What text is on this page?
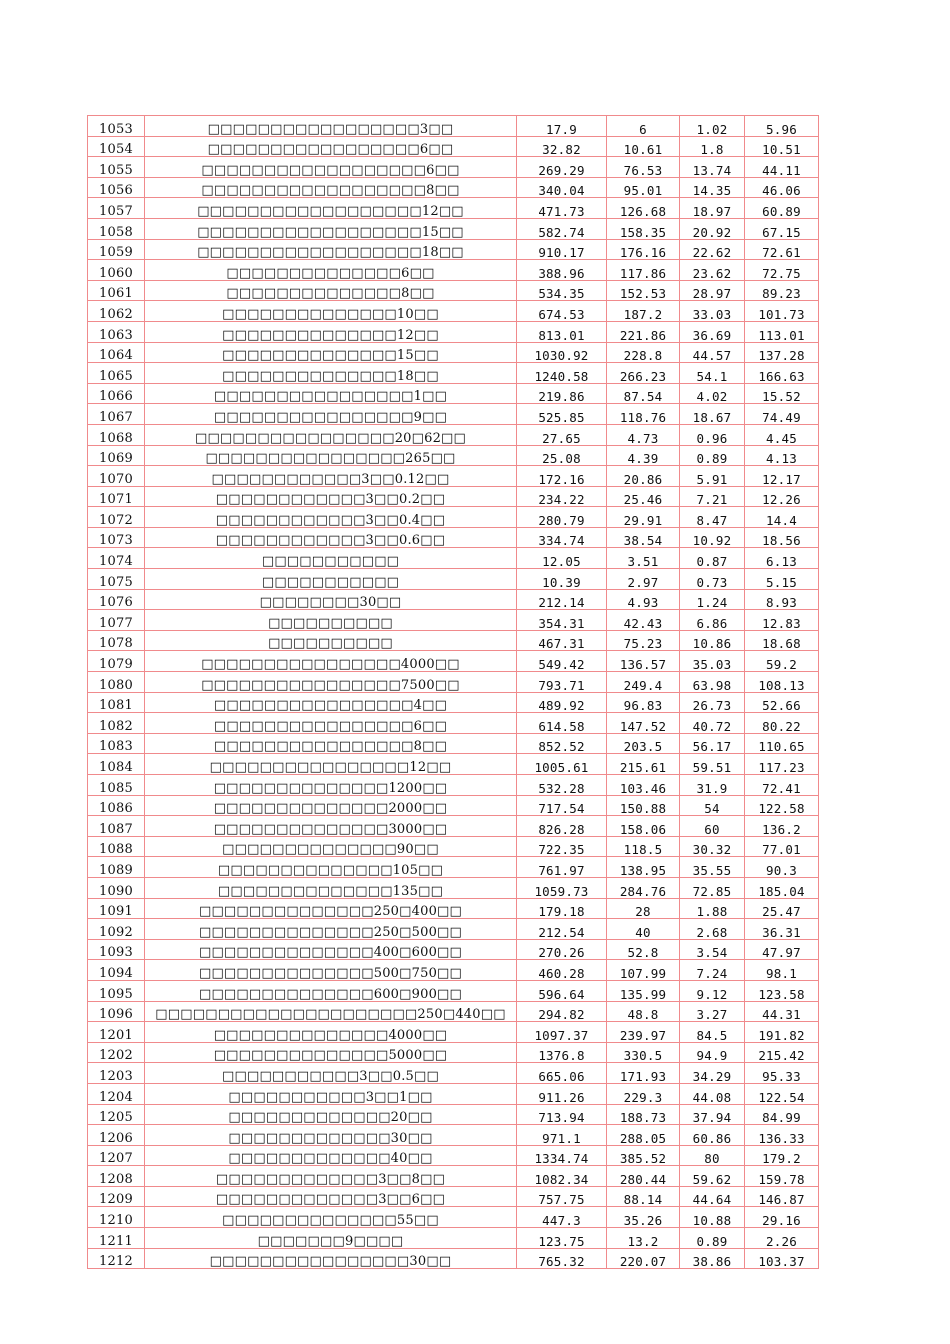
1053	□□□□□□□□□□□□□□□□□3□□	17.9	6	1.02	5.96
1054	□□□□□□□□□□□□□□□□□6□□	32.82	10.61	1.8	10.51
1055	□□□□□□□□□□□□□□□□□□6□□	269.29	76.53	13.74	44.11
1056	□□□□□□□□□□□□□□□□□□8□□	340.04	95.01	14.35	46.06
1057	□□□□□□□□□□□□□□□□□□12□□	471.73	126.68	18.97	60.89
1058	□□□□□□□□□□□□□□□□□□15□□	582.74	158.35	20.92	67.15
1059	□□□□□□□□□□□□□□□□□□18□□	910.17	176.16	22.62	72.61
1060	□□□□□□□□□□□□□□6□□	388.96	117.86	23.62	72.75
1061	□□□□□□□□□□□□□□8□□	534.35	152.53	28.97	89.23
1062	□□□□□□□□□□□□□□10□□	674.53	187.2	33.03	101.73
1063	□□□□□□□□□□□□□□12□□	813.01	221.86	36.69	113.01
1064	□□□□□□□□□□□□□□15□□	1030.92	228.8	44.57	137.28
1065	□□□□□□□□□□□□□□18□□	1240.58	266.23	54.1	166.63
1066	□□□□□□□□□□□□□□□□1□□	219.86	87.54	4.02	15.52
1067	□□□□□□□□□□□□□□□□9□□	525.85	118.76	18.67	74.49
1068	□□□□□□□□□□□□□□□□20□62□□	27.65	4.73	0.96	4.45
1069	□□□□□□□□□□□□□□□□265□□	25.08	4.39	0.89	4.13
1070	□□□□□□□□□□□□3□□0.12□□	172.16	20.86	5.91	12.17
1071	□□□□□□□□□□□□3□□0.2□□	234.22	25.46	7.21	12.26
1072	□□□□□□□□□□□□3□□0.4□□	280.79	29.91	8.47	14.4
1073	□□□□□□□□□□□□3□□0.6□□	334.74	38.54	10.92	18.56
1074	□□□□□□□□□□□	12.05	3.51	0.87	6.13
1075	□□□□□□□□□□□	10.39	2.97	0.73	5.15
1076	□□□□□□□□30□□	212.14	4.93	1.24	8.93
1077	□□□□□□□□□□	354.31	42.43	6.86	12.83
1078	□□□□□□□□□□	467.31	75.23	10.86	18.68
1079	□□□□□□□□□□□□□□□□4000□□	549.42	136.57	35.03	59.2
1080	□□□□□□□□□□□□□□□□7500□□	793.71	249.4	63.98	108.13
1081	□□□□□□□□□□□□□□□□4□□	489.92	96.83	26.73	52.66
1082	□□□□□□□□□□□□□□□□6□□	614.58	147.52	40.72	80.22
1083	□□□□□□□□□□□□□□□□8□□	852.52	203.5	56.17	110.65
1084	□□□□□□□□□□□□□□□□12□□	1005.61	215.61	59.51	117.23
1085	□□□□□□□□□□□□□□1200□□	532.28	103.46	31.9	72.41
1086	□□□□□□□□□□□□□□2000□□	717.54	150.88	54	122.58
1087	□□□□□□□□□□□□□□3000□□	826.28	158.06	60	136.2
1088	□□□□□□□□□□□□□□90□□	722.35	118.5	30.32	77.01
1089	□□□□□□□□□□□□□□105□□	761.97	138.95	35.55	90.3
1090	□□□□□□□□□□□□□□135□□	1059.73	284.76	72.85	185.04
1091	□□□□□□□□□□□□□□250□400□□	179.18	28	1.88	25.47
1092	□□□□□□□□□□□□□□250□500□□	212.54	40	2.68	36.31
1093	□□□□□□□□□□□□□□400□600□□	270.26	52.8	3.54	47.97
1094	□□□□□□□□□□□□□□500□750□□	460.28	107.99	7.24	98.1
1095	□□□□□□□□□□□□□□600□900□□	596.64	135.99	9.12	123.58
1096	□□□□□□□□□□□□□□□□□□□□□250□440□□	294.82	48.8	3.27	44.31
1201	□□□□□□□□□□□□□□4000□□	1097.37	239.97	84.5	191.82
1202	□□□□□□□□□□□□□□5000□□	1376.8	330.5	94.9	215.42
1203	□□□□□□□□□□□3□□0.5□□	665.06	171.93	34.29	95.33
1204	□□□□□□□□□□□3□□1□□	911.26	229.3	44.08	122.54
1205	□□□□□□□□□□□□□20□□	713.94	188.73	37.94	84.99
1206	□□□□□□□□□□□□□30□□	971.1	288.05	60.86	136.33
1207	□□□□□□□□□□□□□40□□	1334.74	385.52	80	179.2
1208	□□□□□□□□□□□□□3□□8□□	1082.34	280.44	59.62	159.78
1209	□□□□□□□□□□□□□3□□6□□	757.75	88.14	44.64	146.87
1210	□□□□□□□□□□□□□□55□□	447.3	35.26	10.88	29.16
1211	□□□□□□□9□□□□	123.75	13.2	0.89	2.26
1212	□□□□□□□□□□□□□□□□30□□	765.32	220.07	38.86	103.37
